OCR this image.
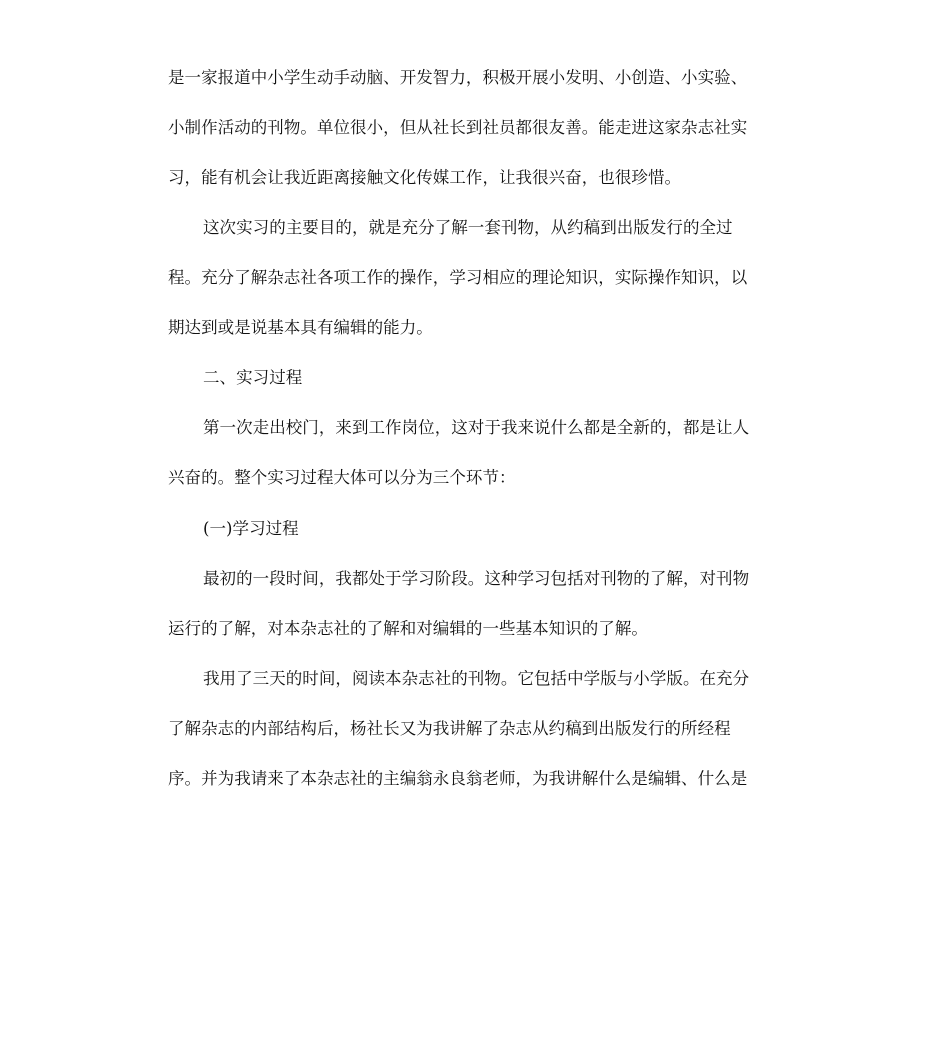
是一家报道中小学生动手动脑、开发智力，积极开展小发明、小创造、小实验、
小制作活动的刊物。单位很小，但从社长到社员都很友善。能走进这家杂志社实
习，能有机会让我近距离接触文化传媒工作，让我很兴奋，也很珍惜。
这次实习的主要目的，就是充分了解一套刊物，从约稿到出版发行的全过
程。充分了解杂志社各项工作的操作，学习相应的理论知识，实际操作知识，以
期达到或是说基本具有编辑的能力。
二、实习过程
第一次走出校门，来到工作岗位，这对于我来说什么都是全新的，都是让人
兴奋的。整个实习过程大体可以分为三个环节：
(一)学习过程
最初的一段时间，我都处于学习阶段。这种学习包括对刊物的了解，对刊物
运行的了解，对本杂志社的了解和对编辑的一些基本知识的了解。
我用了三天的时间，阅读本杂志社的刊物。它包括中学版与小学版。在充分
了解杂志的内部结构后，杨社长又为我讲解了杂志从约稿到出版发行的所经程
序。并为我请来了本杂志社的主编翁永良翁老师，为我讲解什么是编辑、什么是
